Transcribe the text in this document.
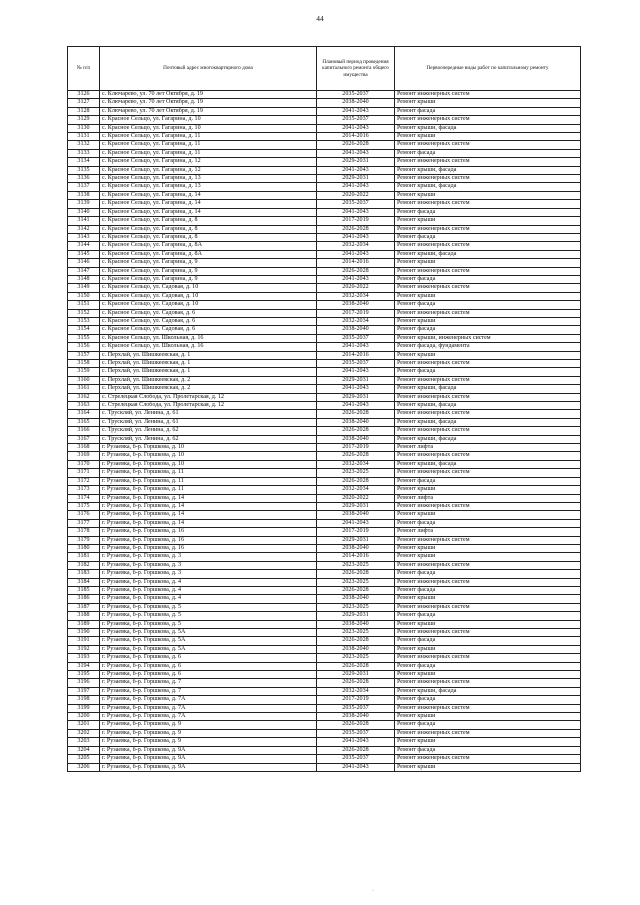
44
№ п/п	Почтовый адрес многоквартирного дома	Плановый период проведения капитального ремонта общего имущества	Первоочередные виды работ по капитальному ремонту
3126	с. Ключарево, ул. 70 лет Октября, д. 19	2035-2037	Ремонт инженерных систем
3127	с. Ключарево, ул. 70 лет Октября, д. 19	2038-2040	Ремонт крыши
3128	с. Ключарево, ул. 70 лет Октября, д. 19	2041-2043	Ремонт фасада
3129	с. Красное Сельцо, ул. Гагарина, д. 10	2035-2037	Ремонт инженерных систем
3130	с. Красное Сельцо, ул. Гагарина, д. 10	2041-2043	Ремонт крыши, фасада
3131	с. Красное Сельцо, ул. Гагарина, д. 11	2014-2016	Ремонт крыши
3132	с. Красное Сельцо, ул. Гагарина, д. 11	2026-2028	Ремонт инженерных систем
3133	с. Красное Сельцо, ул. Гагарина, д. 11	2041-2043	Ремонт фасада
3134	с. Красное Сельцо, ул. Гагарина, д. 12	2029-2031	Ремонт инженерных систем
3135	с. Красное Сельцо, ул. Гагарина, д. 12	2041-2043	Ремонт крыши, фасада
3136	с. Красное Сельцо, ул. Гагарина, д. 13	2029-2031	Ремонт инженерных систем
3137	с. Красное Сельцо, ул. Гагарина, д. 13	2041-2043	Ремонт крыши, фасада
3138	с. Красное Сельцо, ул. Гагарина, д. 14	2020-2022	Ремонт крыши
3139	с. Красное Сельцо, ул. Гагарина, д. 14	2035-2037	Ремонт инженерных систем
3140	с. Красное Сельцо, ул. Гагарина, д. 14	2041-2043	Ремонт фасада
3141	с. Красное Сельцо, ул. Гагарина, д. 8	2017-2019	Ремонт крыши
3142	с. Красное Сельцо, ул. Гагарина, д. 8	2026-2028	Ремонт инженерных систем
3143	с. Красное Сельцо, ул. Гагарина, д. 8	2041-2043	Ремонт фасада
3144	с. Красное Сельцо, ул. Гагарина, д. 8А	2032-2034	Ремонт инженерных систем
3145	с. Красное Сельцо, ул. Гагарина, д. 8А	2041-2043	Ремонт крыши, фасада
3146	с. Красное Сельцо, ул. Гагарина, д. 9	2014-2016	Ремонт крыши
3147	с. Красное Сельцо, ул. Гагарина, д. 9	2026-2028	Ремонт инженерных систем
3148	с. Красное Сельцо, ул. Гагарина, д. 9	2041-2043	Ремонт фасада
3149	с. Красное Сельцо, ул. Садовая, д. 10	2020-2022	Ремонт инженерных систем
3150	с. Красное Сельцо, ул. Садовая, д. 10	2032-2034	Ремонт крыши
3151	с. Красное Сельцо, ул. Садовая, д. 10	2038-2040	Ремонт фасада
3152	с. Красное Сельцо, ул. Садовая, д. 6	2017-2019	Ремонт инженерных систем
3153	с. Красное Сельцо, ул. Садовая, д. 6	2032-2034	Ремонт крыши
3154	с. Красное Сельцо, ул. Садовая, д. 6	2038-2040	Ремонт фасада
3155	с. Красное Сельцо, ул. Школьная, д. 16	2035-2037	Ремонт крыши, инженерных систем
3156	с. Красное Сельцо, ул. Школьная, д. 16	2041-2043	Ремонт фасада, фундамента
3157	с. Перхлай, ул. Шишкеевская, д. 1	2014-2016	Ремонт крыши
3158	с. Перхлай, ул. Шишкеевская, д. 1	2035-2037	Ремонт инженерных систем
3159	с. Перхлай, ул. Шишкеевская, д. 1	2041-2043	Ремонт фасада
3160	с. Перхлай, ул. Шишкеевская, д. 2	2029-2031	Ремонт инженерных систем
3161	с. Перхлай, ул. Шишкеевская, д. 2	2041-2043	Ремонт крыши, фасада
3162	с. Стрелецкая Слобода, ул. Пролетарская, д. 12	2029-2031	Ремонт инженерных систем
3163	с. Стрелецкая Слобода, ул. Пролетарская, д. 12	2041-2043	Ремонт крыши, фасада
3164	с. Трускляй, ул. Ленина, д. 61	2026-2028	Ремонт инженерных систем
3165	с. Трускляй, ул. Ленина, д. 61	2038-2040	Ремонт крыши, фасада
3166	с. Трускляй, ул. Ленина, д. 62	2026-2028	Ремонт инженерных систем
3167	с. Трускляй, ул. Ленина, д. 62	2038-2040	Ремонт крыши, фасада
3168	г. Рузаевка, б-р. Горшкова, д. 10	2017-2019	Ремонт лифта
3169	г. Рузаевка, б-р. Горшкова, д. 10	2026-2028	Ремонт инженерных систем
3170	г. Рузаевка, б-р. Горшкова, д. 10	2032-2034	Ремонт крыши, фасада
3171	г. Рузаевка, б-р. Горшкова, д. 11	2023-2025	Ремонт инженерных систем
3172	г. Рузаевка, б-р. Горшкова, д. 11	2026-2028	Ремонт фасада
3173	г. Рузаевка, б-р. Горшкова, д. 11	2032-2034	Ремонт крыши
3174	г. Рузаевка, б-р. Горшкова, д. 14	2020-2022	Ремонт лифта
3175	г. Рузаевка, б-р. Горшкова, д. 14	2029-2031	Ремонт инженерных систем
3176	г. Рузаевка, б-р. Горшкова, д. 14	2038-2040	Ремонт крыши
3177	г. Рузаевка, б-р. Горшкова, д. 14	2041-2043	Ремонт фасада
3178	г. Рузаевка, б-р. Горшкова, д. 16	2017-2019	Ремонт лифта
3179	г. Рузаевка, б-р. Горшкова, д. 16	2029-2031	Ремонт инженерных систем
3180	г. Рузаевка, б-р. Горшкова, д. 16	2038-2040	Ремонт крыши
3181	г. Рузаевка, б-р. Горшкова, д. 3	2014-2016	Ремонт крыши
3182	г. Рузаевка, б-р. Горшкова, д. 3	2023-2025	Ремонт инженерных систем
3183	г. Рузаевка, б-р. Горшкова, д. 3	2026-2028	Ремонт фасада
3184	г. Рузаевка, б-р. Горшкова, д. 4	2023-2025	Ремонт инженерных систем
3185	г. Рузаевка, б-р. Горшкова, д. 4	2026-2028	Ремонт фасада
3186	г. Рузаевка, б-р. Горшкова, д. 4	2038-2040	Ремонт крыши
3187	г. Рузаевка, б-р. Горшкова, д. 5	2023-2025	Ремонт инженерных систем
3188	г. Рузаевка, б-р. Горшкова, д. 5	2029-2031	Ремонт фасада
3189	г. Рузаевка, б-р. Горшкова, д. 5	2038-2040	Ремонт крыши
3190	г. Рузаевка, б-р. Горшкова, д. 5А	2023-2025	Ремонт инженерных систем
3191	г. Рузаевка, б-р. Горшкова, д. 5А	2026-2028	Ремонт фасада
3192	г. Рузаевка, б-р. Горшкова, д. 5А	2038-2040	Ремонт крыши
3193	г. Рузаевка, б-р. Горшкова, д. 6	2023-2025	Ремонт инженерных систем
3194	г. Рузаевка, б-р. Горшкова, д. 6	2026-2028	Ремонт фасада
3195	г. Рузаевка, б-р. Горшкова, д. 6	2029-2031	Ремонт крыши
3196	г. Рузаевка, б-р. Горшкова, д. 7	2026-2028	Ремонт инженерных систем
3197	г. Рузаевка, б-р. Горшкова, д. 7	2032-2034	Ремонт крыши, фасада
3198	г. Рузаевка, б-р. Горшкова, д. 7А	2017-2019	Ремонт фасада
3199	г. Рузаевка, б-р. Горшкова, д. 7А	2035-2037	Ремонт инженерных систем
3200	г. Рузаевка, б-р. Горшкова, д. 7А	2038-2040	Ремонт крыши
3201	г. Рузаевка, б-р. Горшкова, д. 9	2026-2028	Ремонт фасада
3202	г. Рузаевка, б-р. Горшкова, д. 9	2035-2037	Ремонт инженерных систем
3203	г. Рузаевка, б-р. Горшкова, д. 9	2041-2043	Ремонт крыши
3204	г. Рузаевка, б-р. Горшкова, д. 9А	2026-2028	Ремонт фасада
3205	г. Рузаевка, б-р. Горшкова, д. 9А	2035-2037	Ремонт инженерных систем
3206	г. Рузаевка, б-р. Горшкова, д. 9А	2041-2043	Ремонт крыши
·
